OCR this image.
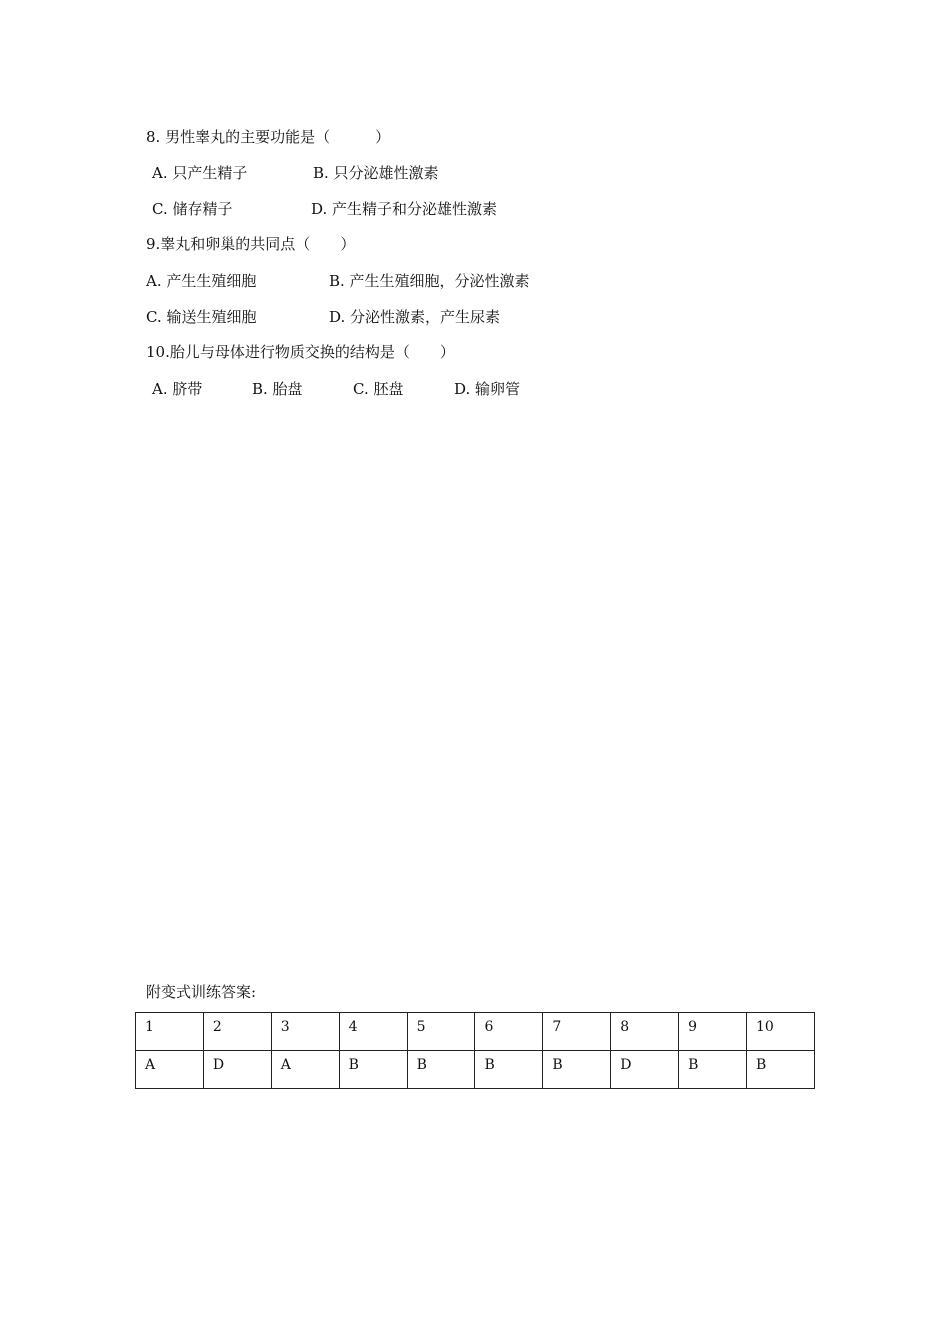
8. 男性睾丸的主要功能是（　　　）
A. 只产生精子	B. 只分泌雄性激素
C. 储存精子	D. 产生精子和分泌雄性激素
9.睾丸和卵巢的共同点（　　）
A. 产生生殖细胞	B. 产生生殖细胞，分泌性激素
C. 输送生殖细胞	D. 分泌性激素，产生尿素
10.胎儿与母体进行物质交换的结构是（　　）
A. 脐带	B. 胎盘	C. 胚盘	D. 输卵管
附变式训练答案:
1	2	3	4	5	6	7	8	9	10
A	D	A	B	B	B	B	D	B	B
